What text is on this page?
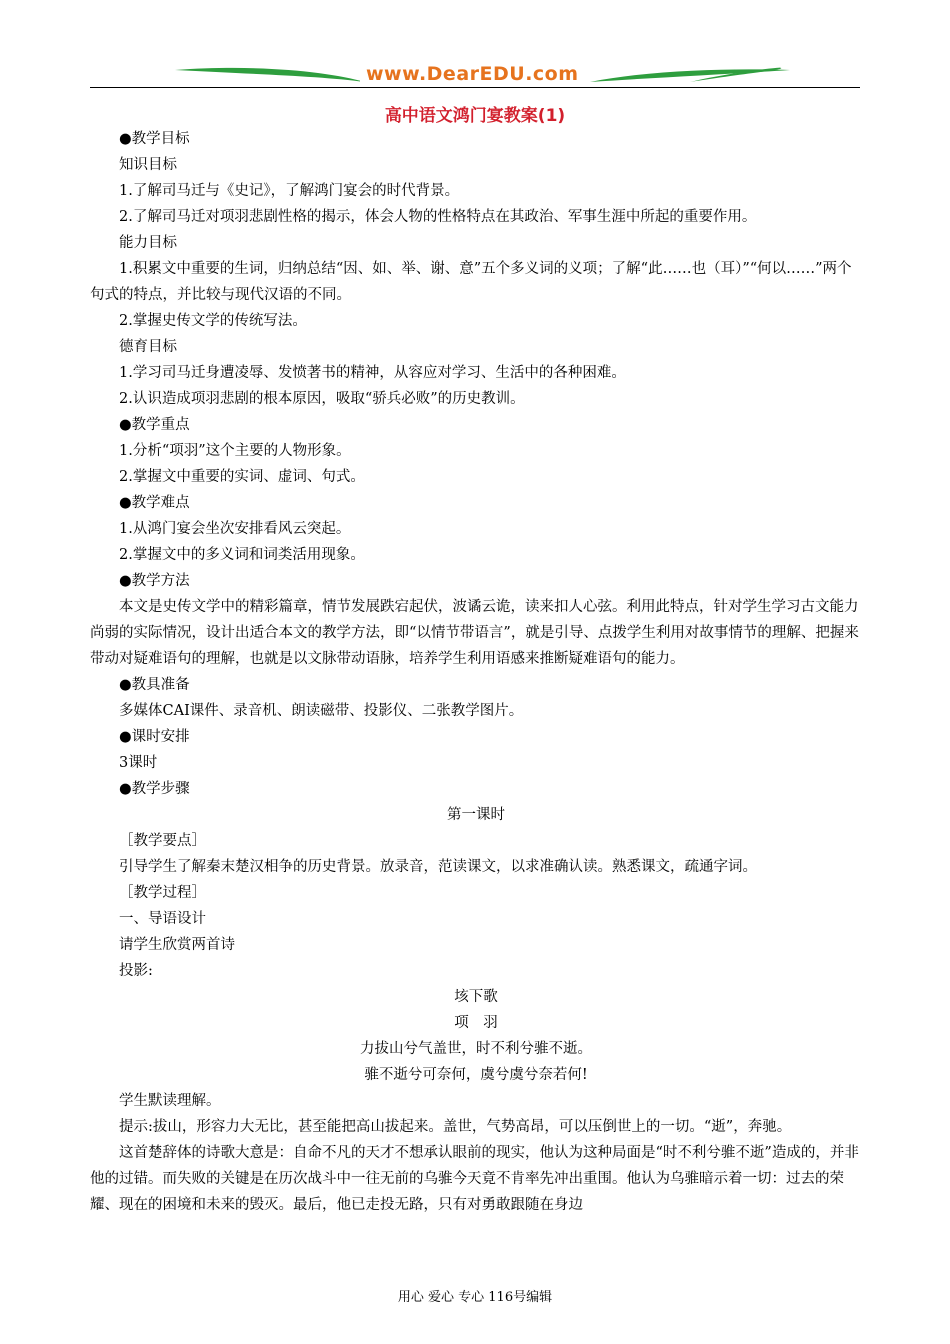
www.DearEDU.com
高中语文鸿门宴教案(1)

●教学目标

知识目标

1.了解司马迁与《史记》，了解鸿门宴会的时代背景。

2.了解司马迁对项羽悲剧性格的揭示，体会人物的性格特点在其政治、军事生涯中所起的重要作用。

能力目标

1.积累文中重要的生词，归纳总结“因、如、举、谢、意”五个多义词的义项；了解“此……也（耳）”“何以……”两个句式的特点，并比较与现代汉语的不同。

2.掌握史传文学的传统写法。

德育目标

1.学习司马迁身遭凌辱、发愤著书的精神，从容应对学习、生活中的各种困难。

2.认识造成项羽悲剧的根本原因，吸取“骄兵必败”的历史教训。

●教学重点

1.分析“项羽”这个主要的人物形象。

2.掌握文中重要的实词、虚词、句式。

●教学难点

1.从鸿门宴会坐次安排看风云突起。

2.掌握文中的多义词和词类活用现象。

●教学方法

本文是史传文学中的精彩篇章，情节发展跌宕起伏，波谲云诡，读来扣人心弦。利用此特点，针对学生学习古文能力尚弱的实际情况，设计出适合本文的教学方法，即“以情节带语言”，就是引导、点拨学生利用对故事情节的理解、把握来带动对疑难语句的理解，也就是以文脉带动语脉，培养学生利用语感来推断疑难语句的能力。

●教具准备

多媒体CAI课件、录音机、朗读磁带、投影仪、二张教学图片。

●课时安排

3课时

●教学步骤

第一课时

［教学要点］

引导学生了解秦末楚汉相争的历史背景。放录音，范读课文，以求准确认读。熟悉课文，疏通字词。

［教学过程］

一、导语设计

请学生欣赏两首诗

投影:

垓下歌

项　羽

力拔山兮气盖世，时不利兮骓不逝。

骓不逝兮可奈何，虞兮虞兮奈若何!

学生默读理解。

提示:拔山，形容力大无比，甚至能把高山拔起来。盖世，气势高昂，可以压倒世上的一切。“逝”，奔驰。

这首楚辞体的诗歌大意是：自命不凡的天才不想承认眼前的现实，他认为这种局面是“时不利兮骓不逝”造成的，并非他的过错。而失败的关键是在历次战斗中一往无前的乌骓今天竟不肯率先冲出重围。他认为乌骓暗示着一切：过去的荣耀、现在的困境和未来的毁灭。最后，他已走投无路，只有对勇敢跟随在身边

用心 爱心 专心 116号编辑
